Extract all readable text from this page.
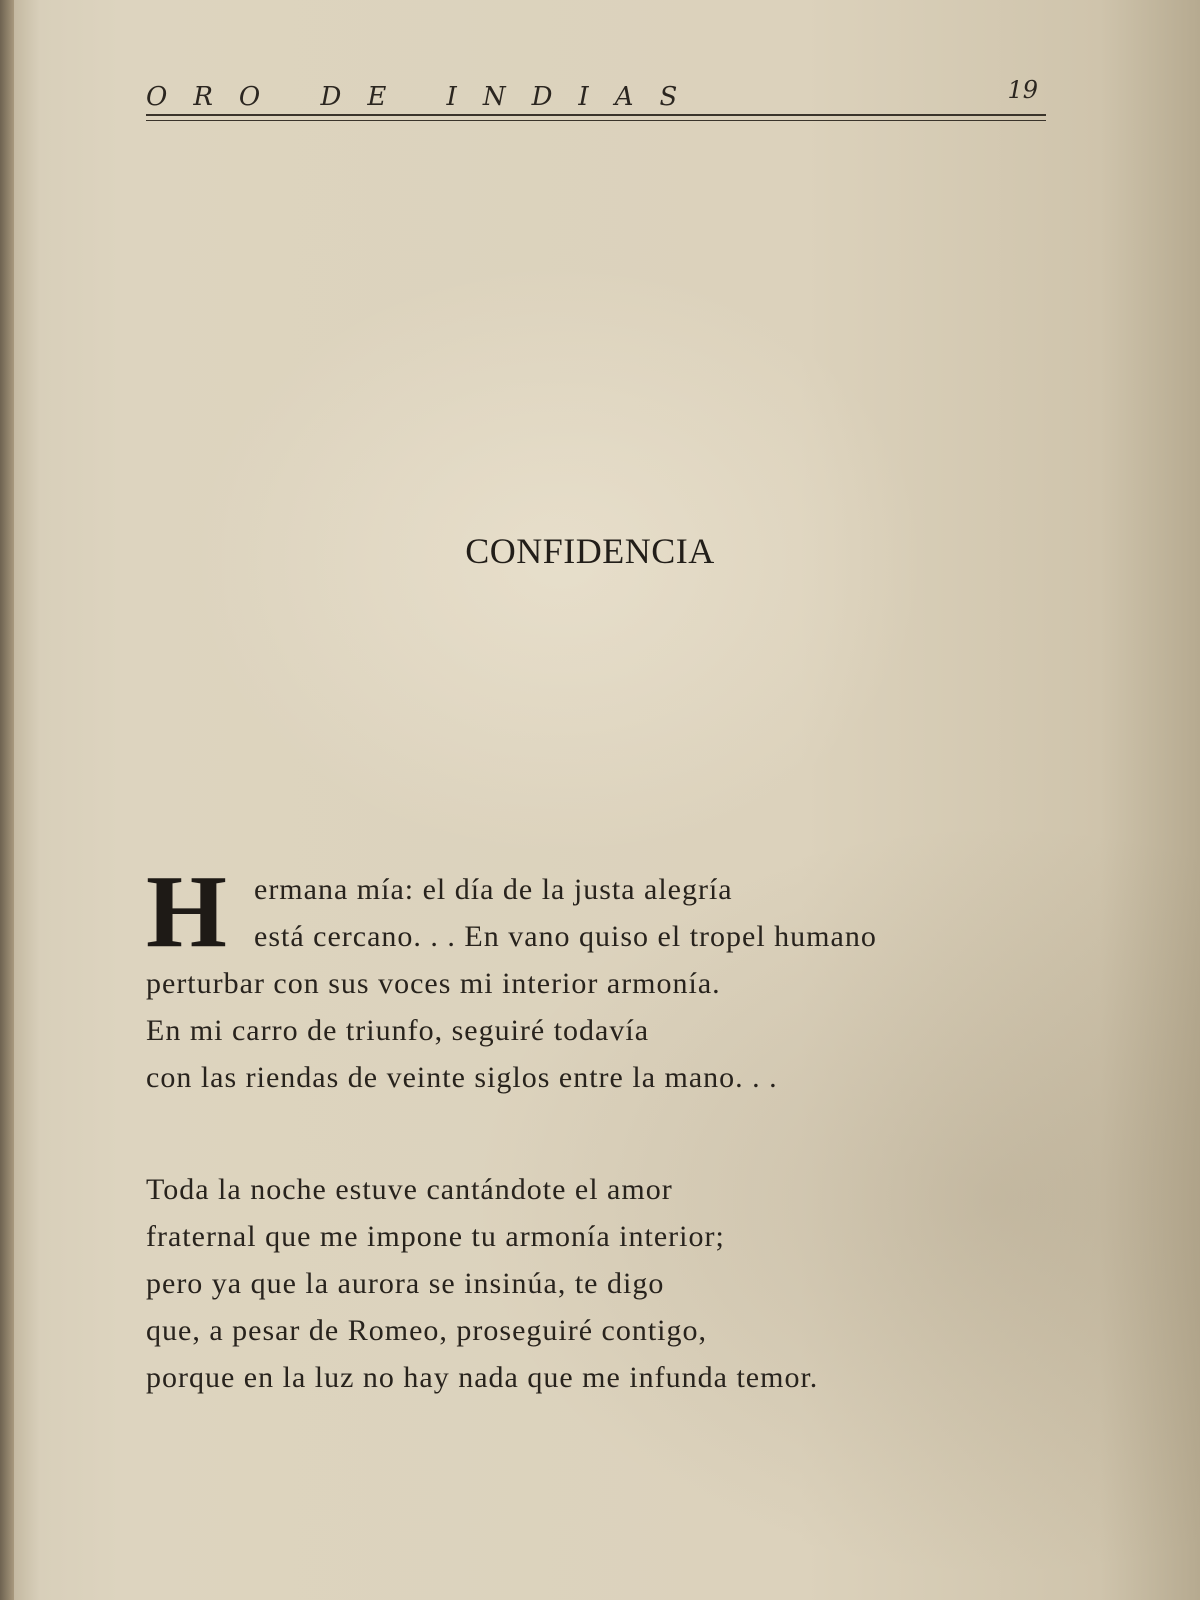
ORO DE INDIAS	19
CONFIDENCIA
H ermana mía: el día de la justa alegría
está cercano. . . En vano quiso el tropel humano
perturbar con sus voces mi interior armonía.
En mi carro de triunfo, seguiré todavía
con las riendas de veinte siglos entre la mano. . .
Toda la noche estuve cantándote el amor
fraternal que me impone tu armonía interior;
pero ya que la aurora se insinúa, te digo
que, a pesar de Romeo, proseguiré contigo,
porque en la luz no hay nada que me infunda temor.
